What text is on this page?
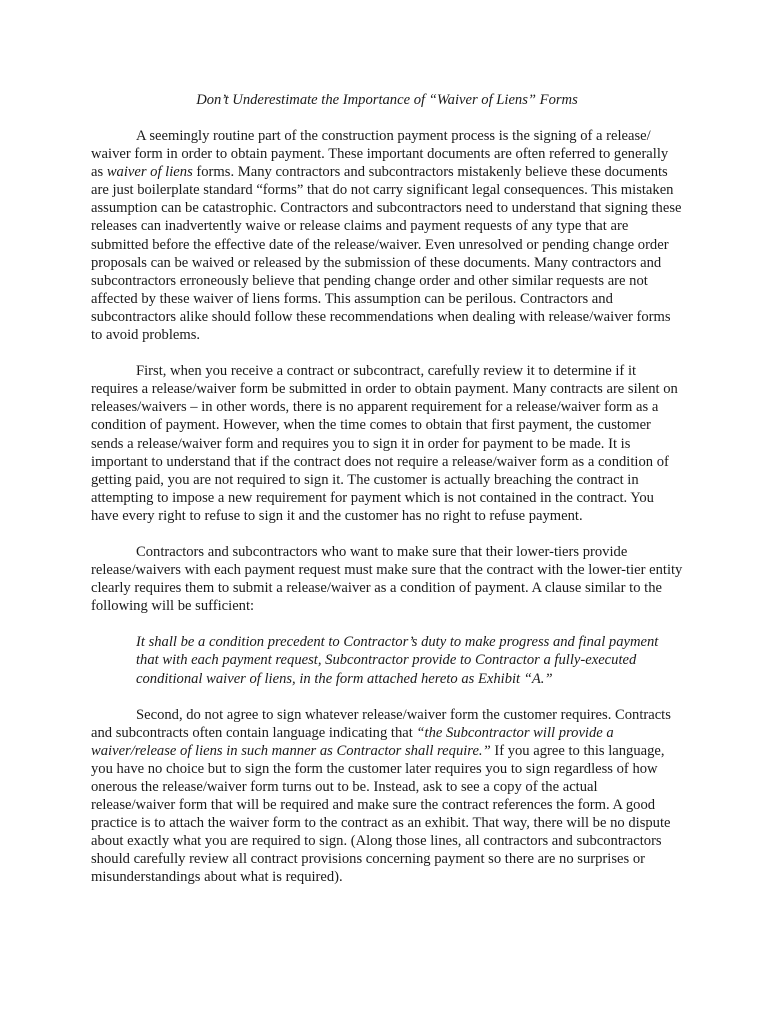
Don’t Underestimate the Importance of “Waiver of Liens” Forms

A seemingly routine part of the construction payment process is the signing of a release/ waiver form in order to obtain payment. These important documents are often referred to generally as waiver of liens forms. Many contractors and subcontractors mistakenly believe these documents are just boilerplate standard “forms” that do not carry significant legal consequences. This mistaken assumption can be catastrophic. Contractors and subcontractors need to understand that signing these releases can inadvertently waive or release claims and payment requests of any type that are submitted before the effective date of the release/waiver. Even unresolved or pending change order proposals can be waived or released by the submission of these documents. Many contractors and subcontractors erroneously believe that pending change order and other similar requests are not affected by these waiver of liens forms. This assumption can be perilous. Contractors and subcontractors alike should follow these recommendations when dealing with release/waiver forms to avoid problems.

First, when you receive a contract or subcontract, carefully review it to determine if it requires a release/waiver form be submitted in order to obtain payment. Many contracts are silent on releases/waivers – in other words, there is no apparent requirement for a release/waiver form as a condition of payment. However, when the time comes to obtain that first payment, the customer sends a release/waiver form and requires you to sign it in order for payment to be made. It is important to understand that if the contract does not require a release/waiver form as a condition of getting paid, you are not required to sign it. The customer is actually breaching the contract in attempting to impose a new requirement for payment which is not contained in the contract. You have every right to refuse to sign it and the customer has no right to refuse payment.

Contractors and subcontractors who want to make sure that their lower-tiers provide release/waivers with each payment request must make sure that the contract with the lower-tier entity clearly requires them to submit a release/waiver as a condition of payment. A clause similar to the following will be sufficient:

It shall be a condition precedent to Contractor’s duty to make progress and final payment that with each payment request, Subcontractor provide to Contractor a fully-executed conditional waiver of liens, in the form attached hereto as Exhibit “A.”

Second, do not agree to sign whatever release/waiver form the customer requires. Contracts and subcontracts often contain language indicating that “the Subcontractor will provide a waiver/release of liens in such manner as Contractor shall require.” If you agree to this language, you have no choice but to sign the form the customer later requires you to sign regardless of how onerous the release/waiver form turns out to be. Instead, ask to see a copy of the actual release/waiver form that will be required and make sure the contract references the form. A good practice is to attach the waiver form to the contract as an exhibit. That way, there will be no dispute about exactly what you are required to sign. (Along those lines, all contractors and subcontractors should carefully review all contract provisions concerning payment so there are no surprises or misunderstandings about what is required).
